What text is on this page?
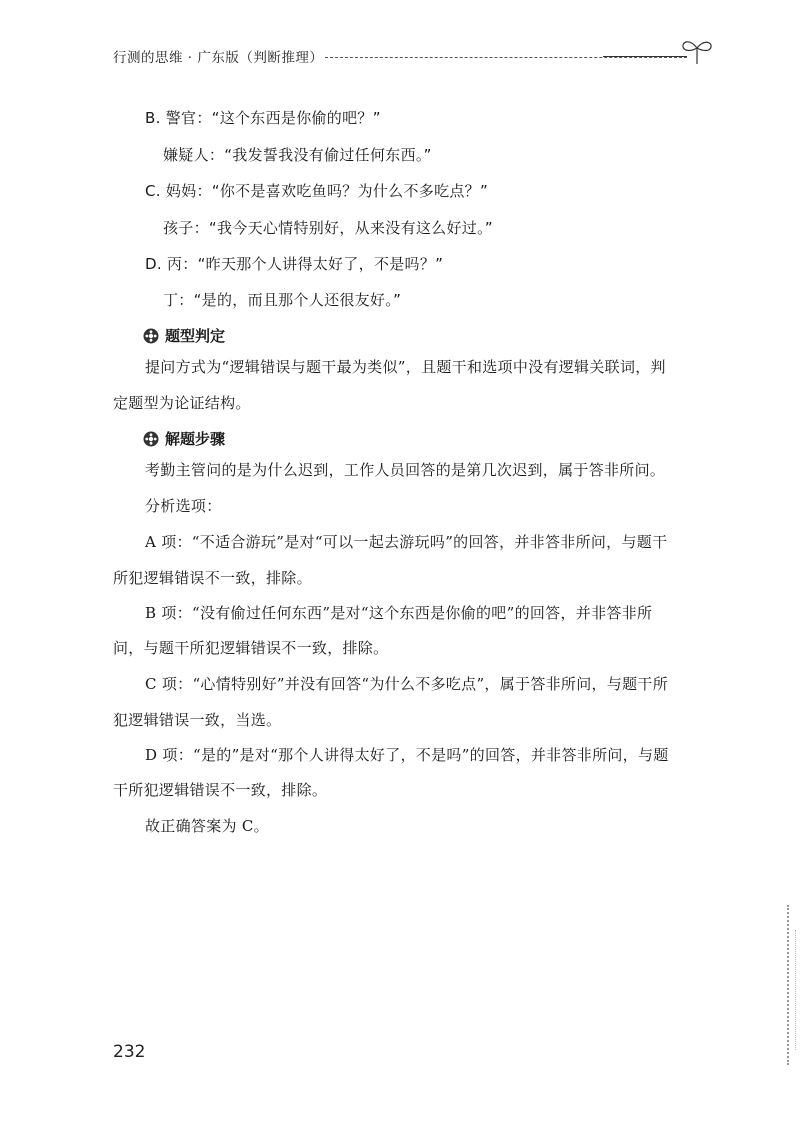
行测的思维 · 广东版（判断推理）
B. 警官：“这个东西是你偷的吧？”
嫌疑人：“我发誓我没有偷过任何东西。”
C. 妈妈：“你不是喜欢吃鱼吗？为什么不多吃点？”
孩子：“我今天心情特别好，从来没有这么好过。”
D. 丙：“昨天那个人讲得太好了，不是吗？”
丁：“是的，而且那个人还很友好。”
题型判定
提问方式为“逻辑错误与题干最为类似”，且题干和选项中没有逻辑关联词，判
定题型为论证结构。
解题步骤
考勤主管问的是为什么迟到，工作人员回答的是第几次迟到，属于答非所问。
分析选项：
A 项：“不适合游玩”是对“可以一起去游玩吗”的回答，并非答非所问，与题干
所犯逻辑错误不一致，排除。
B 项：“没有偷过任何东西”是对“这个东西是你偷的吧”的回答，并非答非所
问，与题干所犯逻辑错误不一致，排除。
C 项：“心情特别好”并没有回答“为什么不多吃点”，属于答非所问，与题干所
犯逻辑错误一致，当选。
D 项：“是的”是对“那个人讲得太好了，不是吗”的回答，并非答非所问，与题
干所犯逻辑错误不一致，排除。
故正确答案为 C。
232
